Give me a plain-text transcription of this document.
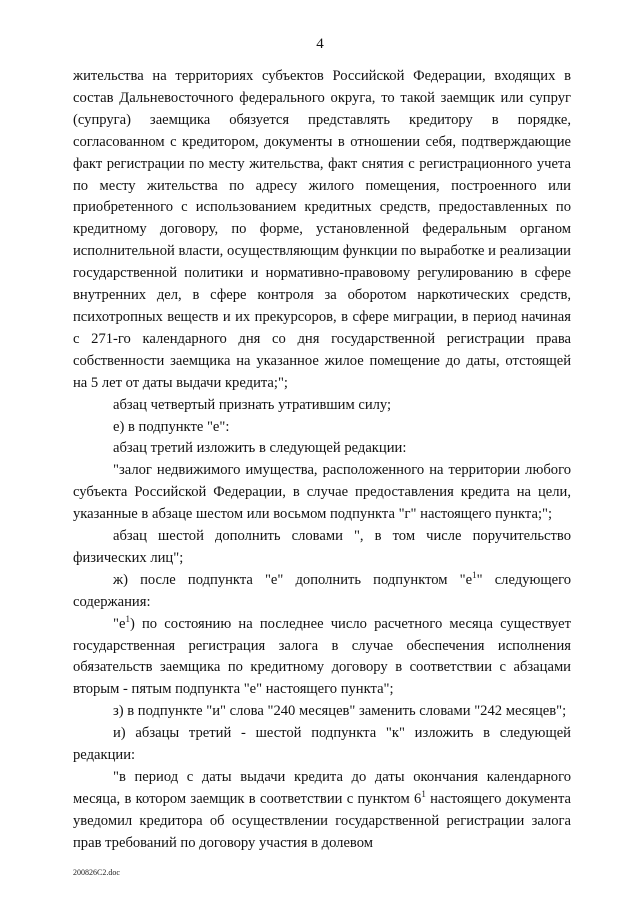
4

жительства на территориях субъектов Российской Федерации, входящих в состав Дальневосточного федерального округа, то такой заемщик или супруг (супруга) заемщика обязуется представлять кредитору в порядке, согласованном с кредитором, документы в отношении себя, подтверждающие факт регистрации по месту жительства, факт снятия с регистрационного учета по месту жительства по адресу жилого помещения, построенного или приобретенного с использованием кредитных средств, предоставленных по кредитному договору, по форме, установленной федеральным органом исполнительной власти, осуществляющим функции по выработке и реализации государственной политики и нормативно-правовому регулированию в сфере внутренних дел, в сфере контроля за оборотом наркотических средств, психотропных веществ и их прекурсоров, в сфере миграции, в период начиная с 271-го календарного дня со дня государственной регистрации права собственности заемщика на указанное жилое помещение до даты, отстоящей на 5 лет от даты выдачи кредита;";

абзац четвертый признать утратившим силу;

е) в подпункте "е":

абзац третий изложить в следующей редакции:

"залог недвижимого имущества, расположенного на территории любого субъекта Российской Федерации, в случае предоставления кредита на цели, указанные в абзаце шестом или восьмом подпункта "г" настоящего пункта;";

абзац шестой дополнить словами ", в том числе поручительство физических лиц";

ж) после подпункта "е" дополнить подпунктом "$е^1$" следующего содержания:

"$е^1$) по состоянию на последнее число расчетного месяца существует государственная регистрация залога в случае обеспечения исполнения обязательств заемщика по кредитному договору в соответствии с абзацами вторым - пятым подпункта "е" настоящего пункта";

з) в подпункте "и" слова "240 месяцев" заменить словами "242 месяцев";

и) абзацы третий - шестой подпункта "к" изложить в следующей редакции:

"в период с даты выдачи кредита до даты окончания календарного месяца, в котором заемщик в соответствии с пунктом $6^1$ настоящего документа уведомил кредитора об осуществлении государственной регистрации залога прав требований по договору участия в долевом

200826C2.doc
